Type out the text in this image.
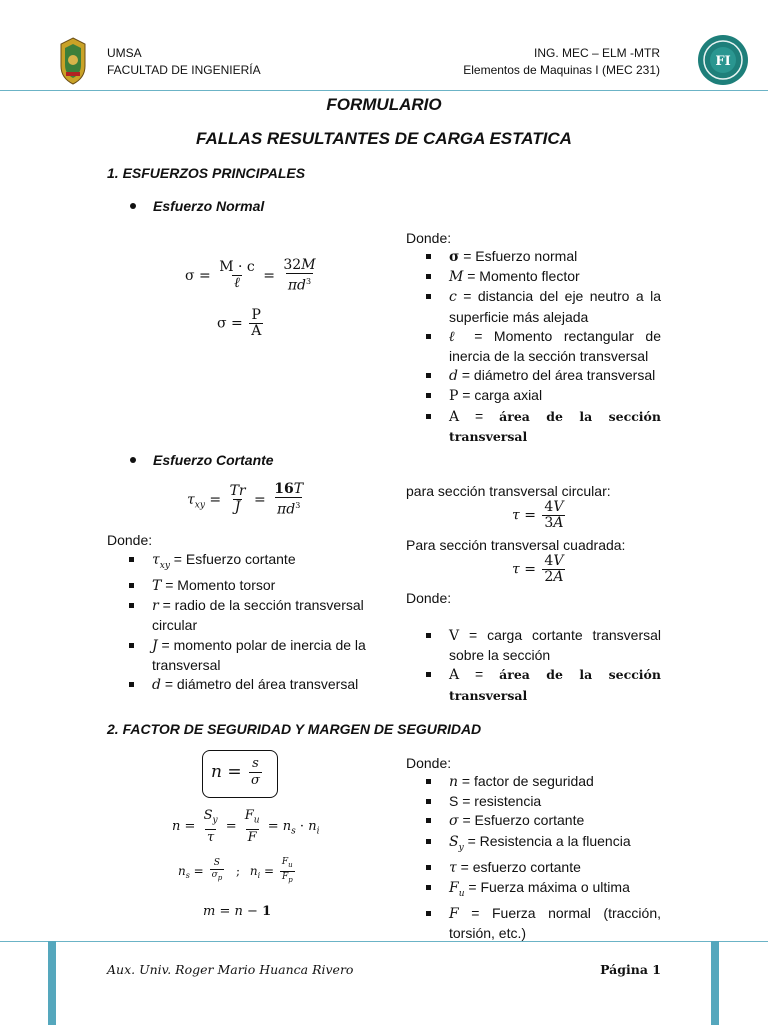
UMSA
FACULTAD DE INGENIERÍA
ING. MEC – ELM -MTR
Elementos de Maquinas I (MEC 231)
FI
FORMULARIO
FALLAS RESULTANTES DE CARGA ESTATICA
1. ESFUERZOS PRINCIPALES
Esfuerzo Normal
$\sigma = \frac{M \cdot c}{\text{ℓ}} = \frac{32M}{\pi d^3}$
$\sigma = \frac{P}{A}$
Donde:
σ = Esfuerzo normal
M = Momento flector
c = distancia del eje neutro a la superficie más alejada
ℓ = Momento rectangular de inercia de la sección transversal
d = diámetro del área transversal
P = carga axial
A = área de la sección transversal
Esfuerzo Cortante
$\tau_{xy} = \frac{Tr}{J} = \frac{16T}{\pi d^3}$
Donde:
$\tau_{xy}$ = Esfuerzo cortante
T = Momento torsor
r = radio de la sección transversal circular
J = momento polar de inercia de la transversal
d = diámetro del área transversal
para sección transversal circular:
$\tau = \frac{4V}{3A}$
Para sección transversal cuadrada:
$\tau = \frac{4V}{2A}$
Donde:
V = carga cortante transversal sobre la sección
A = área de la sección transversal
2. FACTOR DE SEGURIDAD Y MARGEN DE SEGURIDAD
$n = \frac{s}{\sigma}$
$n = \frac{S_y}{\tau} = \frac{F_u}{F} = n_s \cdot n_i$
$n_s = \frac{S}{\sigma_p}$ ; $n_i = \frac{F_u}{F_p}$
m = n − 1
Donde:
n = factor de seguridad
S = resistencia
σ = Esfuerzo cortante
$S_y$ = Resistencia a la fluencia
τ = esfuerzo cortante
$F_u$ = Fuerza máxima o ultima
F = Fuerza normal (tracción, torsión, etc.)
Aux. Univ. Roger Mario Huanca Rivero	Página 1
